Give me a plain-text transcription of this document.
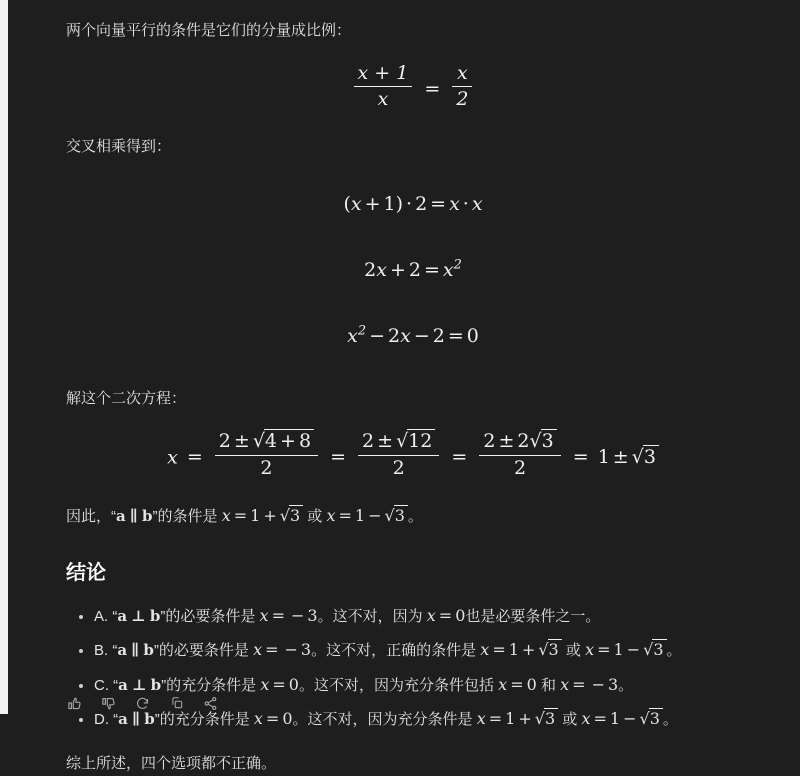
两个向量平行的条件是它们的分量成比例：

$\frac{x + 1}{x} = \frac{x}{2}$

交叉相乘得到：

(x + 1) · 2 = x · x
$2x + 2 = x^2$
$x^2 - 2x - 2 = 0$

解这个二次方程：

$x = \frac{2 \pm √4 + 8}{2} = \frac{2 \pm √12}{2} = \frac{2 \pm 2√3}{2} = 1 \pm √3$

因此，“a ∥ b”的条件是 x = 1 + √3 或 x = 1 − √3 。

结论
• A. “a ⊥ b”的必要条件是 x = − 3。这不对，因为 x = 0也是必要条件之一。
• B. “a ∥ b”的必要条件是 x = − 3。这不对，正确的条件是 x = 1 + √3 或 x = 1 − √3 。
• C. “a ⊥ b”的充分条件是 x = 0。这不对，因为充分条件包括 x = 0 和 x = − 3。
• D. “a ∥ b”的充分条件是 x = 0。这不对，因为充分条件是 x = 1 + √3 或 x = 1 − √3 。

综上所述，四个选项都不正确。
